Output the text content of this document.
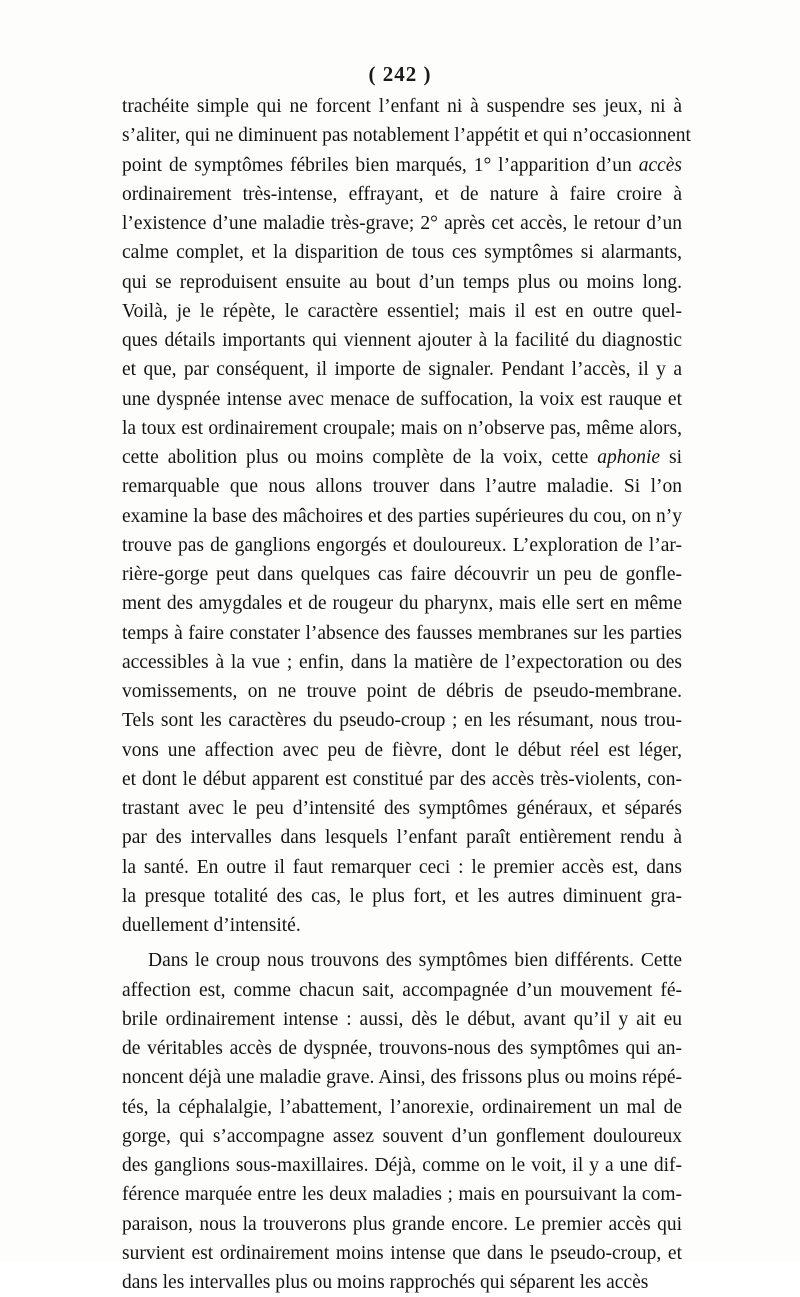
( 242 )
trachéite simple qui ne forcent l’enfant ni à suspendre ses jeux, ni à
s’aliter, qui ne diminuent pas notablement l’appétit et qui n’occasionnent
point de symptômes fébriles bien marqués, 1° l’apparition d’un accès
ordinairement très-intense, effrayant, et de nature à faire croire à
l’existence d’une maladie très-grave; 2° après cet accès, le retour d’un
calme complet, et la disparition de tous ces symptômes si alarmants,
qui se reproduisent ensuite au bout d’un temps plus ou moins long.
Voilà, je le répète, le caractère essentiel; mais il est en outre quel-
ques détails importants qui viennent ajouter à la facilité du diagnostic
et que, par conséquent, il importe de signaler. Pendant l’accès, il y a
une dyspnée intense avec menace de suffocation, la voix est rauque et
la toux est ordinairement croupale; mais on n’observe pas, même alors,
cette abolition plus ou moins complète de la voix, cette aphonie si
remarquable que nous allons trouver dans l’autre maladie. Si l’on
examine la base des mâchoires et des parties supérieures du cou, on n’y
trouve pas de ganglions engorgés et douloureux. L’exploration de l’ar-
rière-gorge peut dans quelques cas faire découvrir un peu de gonfle-
ment des amygdales et de rougeur du pharynx, mais elle sert en même
temps à faire constater l’absence des fausses membranes sur les parties
accessibles à la vue ; enfin, dans la matière de l’expectoration ou des
vomissements, on ne trouve point de débris de pseudo-membrane.
Tels sont les caractères du pseudo-croup ; en les résumant, nous trou-
vons une affection avec peu de fièvre, dont le début réel est léger,
et dont le début apparent est constitué par des accès très-violents, con-
trastant avec le peu d’intensité des symptômes généraux, et séparés
par des intervalles dans lesquels l’enfant paraît entièrement rendu à
la santé. En outre il faut remarquer ceci : le premier accès est, dans
la presque totalité des cas, le plus fort, et les autres diminuent gra-
duellement d’intensité.
Dans le croup nous trouvons des symptômes bien différents. Cette
affection est, comme chacun sait, accompagnée d’un mouvement fé-
brile ordinairement intense : aussi, dès le début, avant qu’il y ait eu
de véritables accès de dyspnée, trouvons-nous des symptômes qui an-
noncent déjà une maladie grave. Ainsi, des frissons plus ou moins répé-
tés, la céphalalgie, l’abattement, l’anorexie, ordinairement un mal de
gorge, qui s’accompagne assez souvent d’un gonflement douloureux
des ganglions sous-maxillaires. Déjà, comme on le voit, il y a une dif-
férence marquée entre les deux maladies ; mais en poursuivant la com-
paraison, nous la trouverons plus grande encore. Le premier accès qui
survient est ordinairement moins intense que dans le pseudo-croup, et
dans les intervalles plus ou moins rapprochés qui séparent les accès
